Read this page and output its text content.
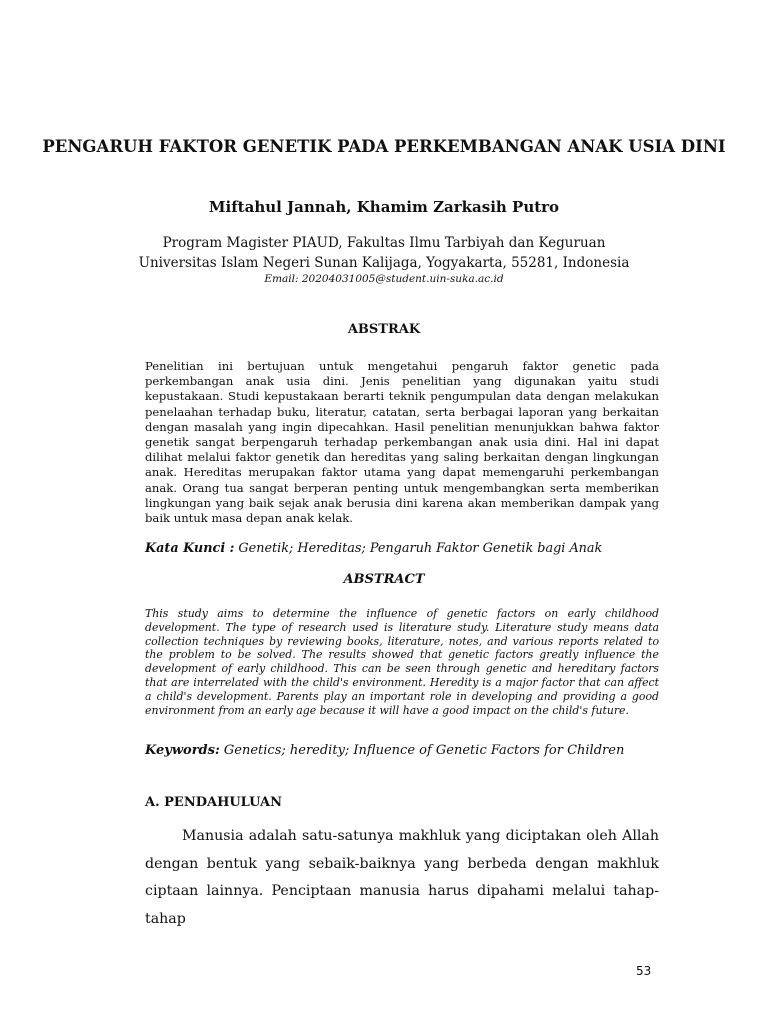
PENGARUH FAKTOR GENETIK PADA PERKEMBANGAN ANAK USIA DINI
Miftahul Jannah, Khamim Zarkasih Putro
Program Magister PIAUD, Fakultas Ilmu Tarbiyah dan Keguruan
Universitas Islam Negeri Sunan Kalijaga, Yogyakarta, 55281, Indonesia
Email: 20204031005@student.uin-suka.ac.id
ABSTRAK
Penelitian ini bertujuan untuk mengetahui pengaruh faktor genetic pada perkembangan anak usia dini. Jenis penelitian yang digunakan yaitu studi kepustakaan. Studi kepustakaan berarti teknik pengumpulan data dengan melakukan penelaahan terhadap buku, literatur, catatan, serta berbagai laporan yang berkaitan dengan masalah yang ingin dipecahkan. Hasil penelitian menunjukkan bahwa faktor genetik sangat berpengaruh terhadap perkembangan anak usia dini. Hal ini dapat dilihat melalui faktor genetik dan hereditas yang saling berkaitan dengan lingkungan anak. Hereditas merupakan faktor utama yang dapat memengaruhi perkembangan anak. Orang tua sangat berperan penting untuk mengembangkan serta memberikan lingkungan yang baik sejak anak berusia dini karena akan memberikan dampak yang baik untuk masa depan anak kelak.
Kata Kunci : Genetik; Hereditas; Pengaruh Faktor Genetik bagi Anak
ABSTRACT
This study aims to determine the influence of genetic factors on early childhood development. The type of research used is literature study. Literature study means data collection techniques by reviewing books, literature, notes, and various reports related to the problem to be solved. The results showed that genetic factors greatly influence the development of early childhood. This can be seen through genetic and hereditary factors that are interrelated with the child's environment. Heredity is a major factor that can affect a child's development. Parents play an important role in developing and providing a good environment from an early age because it will have a good impact on the child's future.
Keywords: Genetics; heredity; Influence of Genetic Factors for Children
A. PENDAHULUAN
Manusia adalah satu-satunya makhluk yang diciptakan oleh Allah dengan bentuk yang sebaik-baiknya yang berbeda dengan makhluk ciptaan lainnya. Penciptaan manusia harus dipahami melalui tahap-tahap
53
